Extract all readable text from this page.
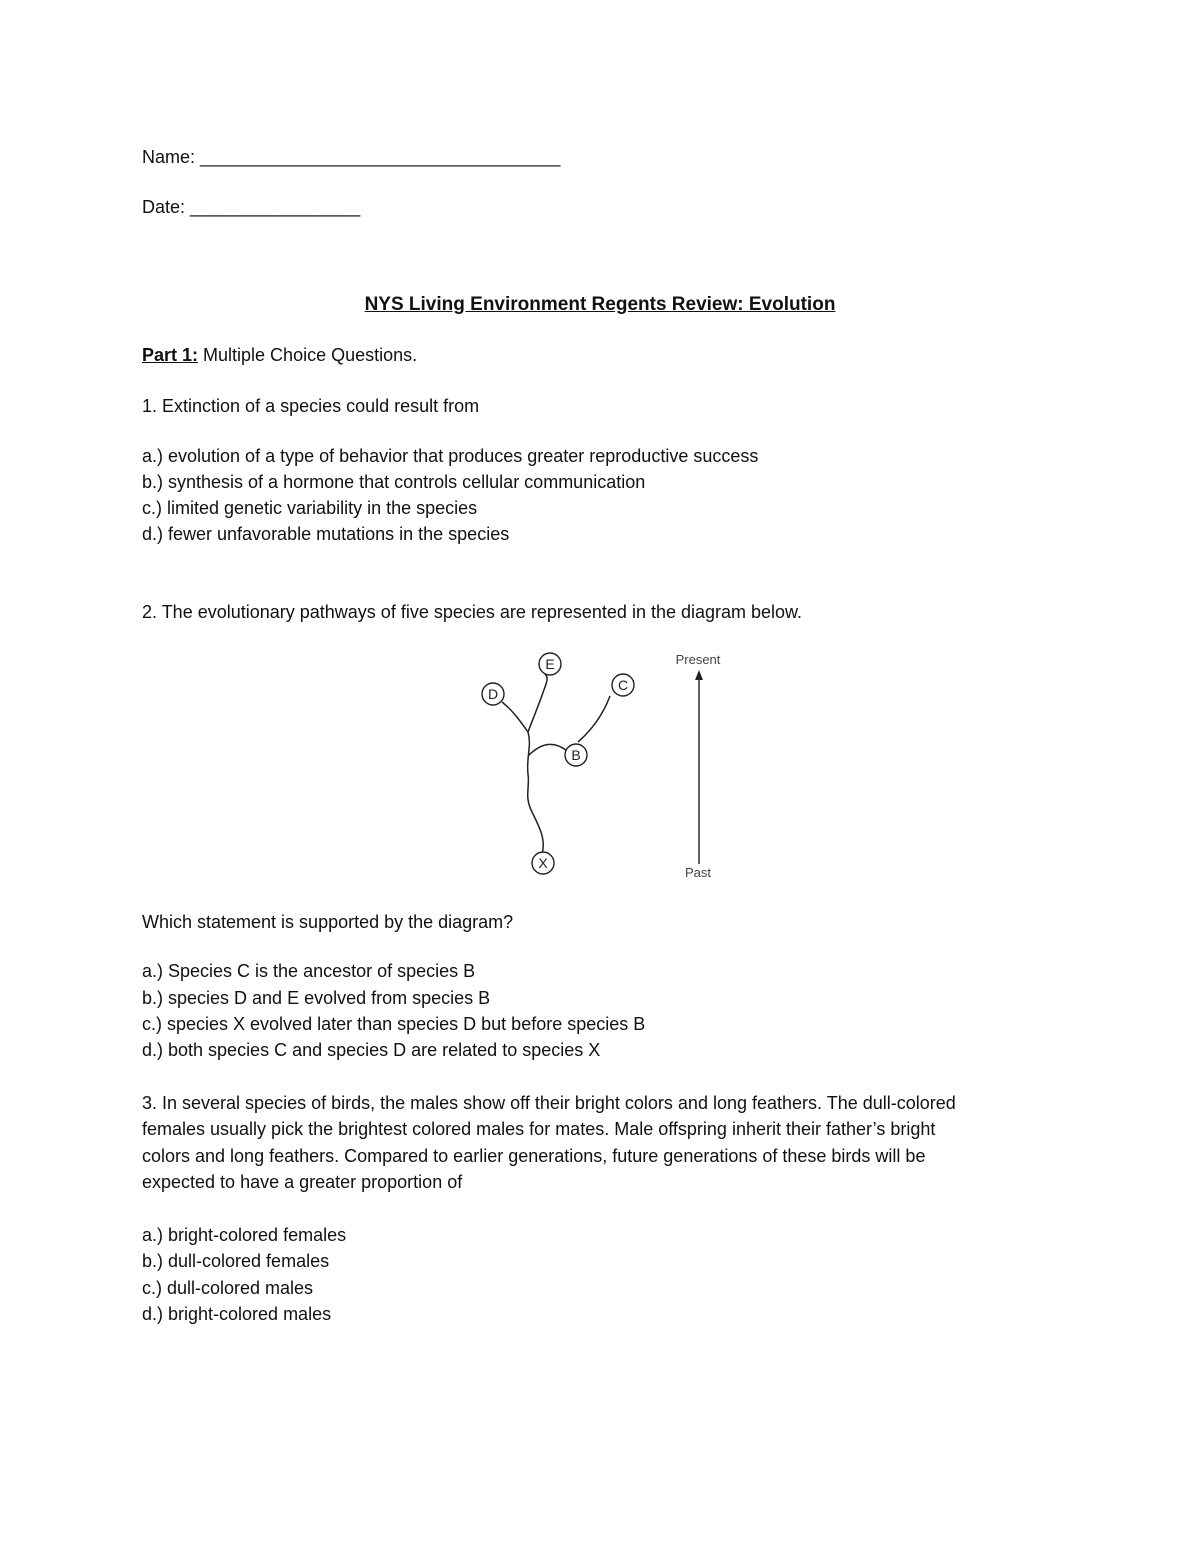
Name: ____________________________________
Date: _________________
NYS Living Environment Regents Review: Evolution
Part 1: Multiple Choice Questions.
1. Extinction of a species could result from
a.) evolution of a type of behavior that produces greater reproductive success
b.) synthesis of a hormone that controls cellular communication
c.) limited genetic variability in the species
d.) fewer unfavorable mutations in the species
2. The evolutionary pathways of five species are represented in the diagram below.
E
C
D
B
X
Present
Past
Which statement is supported by the diagram?
a.) Species C is the ancestor of species B
b.) species D and E evolved from species B
c.) species X evolved later than species D but before species B
d.) both species C and species D are related to species X
3. In several species of birds, the males show off their bright colors and long feathers. The dull-colored
females usually pick the brightest colored males for mates. Male offspring inherit their father’s bright
colors and long feathers. Compared to earlier generations, future generations of these birds will be
expected to have a greater proportion of
a.) bright-colored females
b.) dull-colored females
c.) dull-colored males
d.) bright-colored males
